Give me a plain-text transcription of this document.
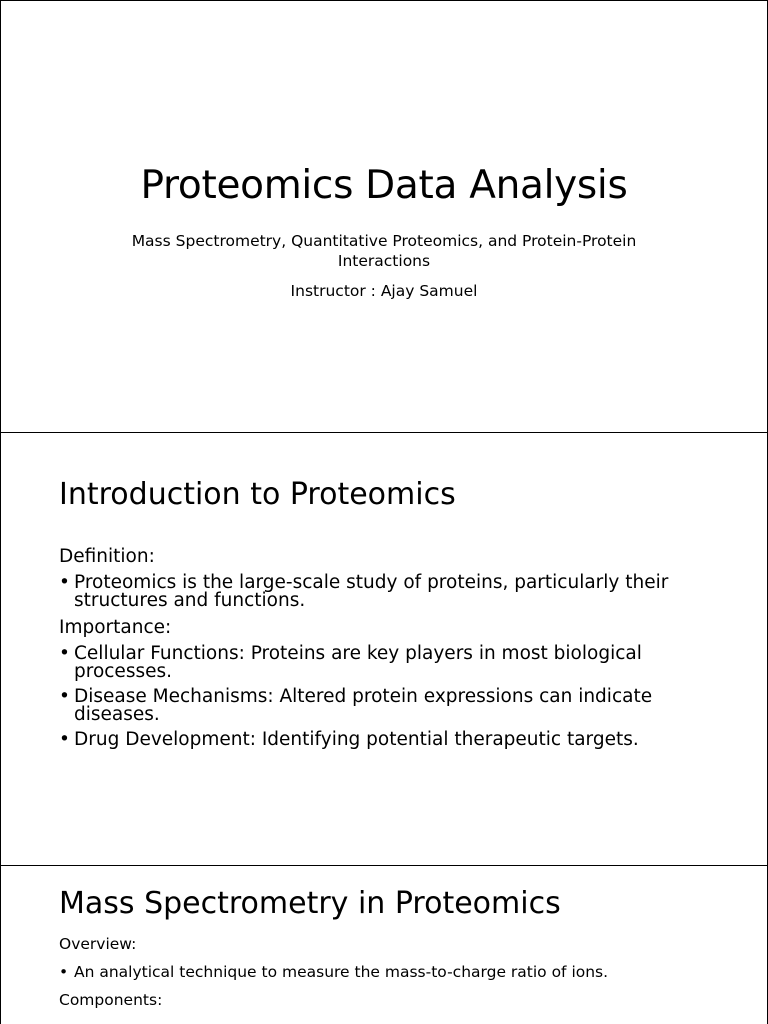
Proteomics Data Analysis

Mass Spectrometry, Quantitative Proteomics, and Protein-Protein Interactions

Instructor : Ajay Samuel

Introduction to Proteomics

Definition:

• Proteomics is the large-scale study of proteins, particularly their structures and functions.

Importance:

• Cellular Functions: Proteins are key players in most biological processes.
• Disease Mechanisms: Altered protein expressions can indicate diseases.
• Drug Development: Identifying potential therapeutic targets.
Mass Spectrometry in Proteomics

Overview:

• An analytical technique to measure the mass-to-charge ratio of ions.

Components:
